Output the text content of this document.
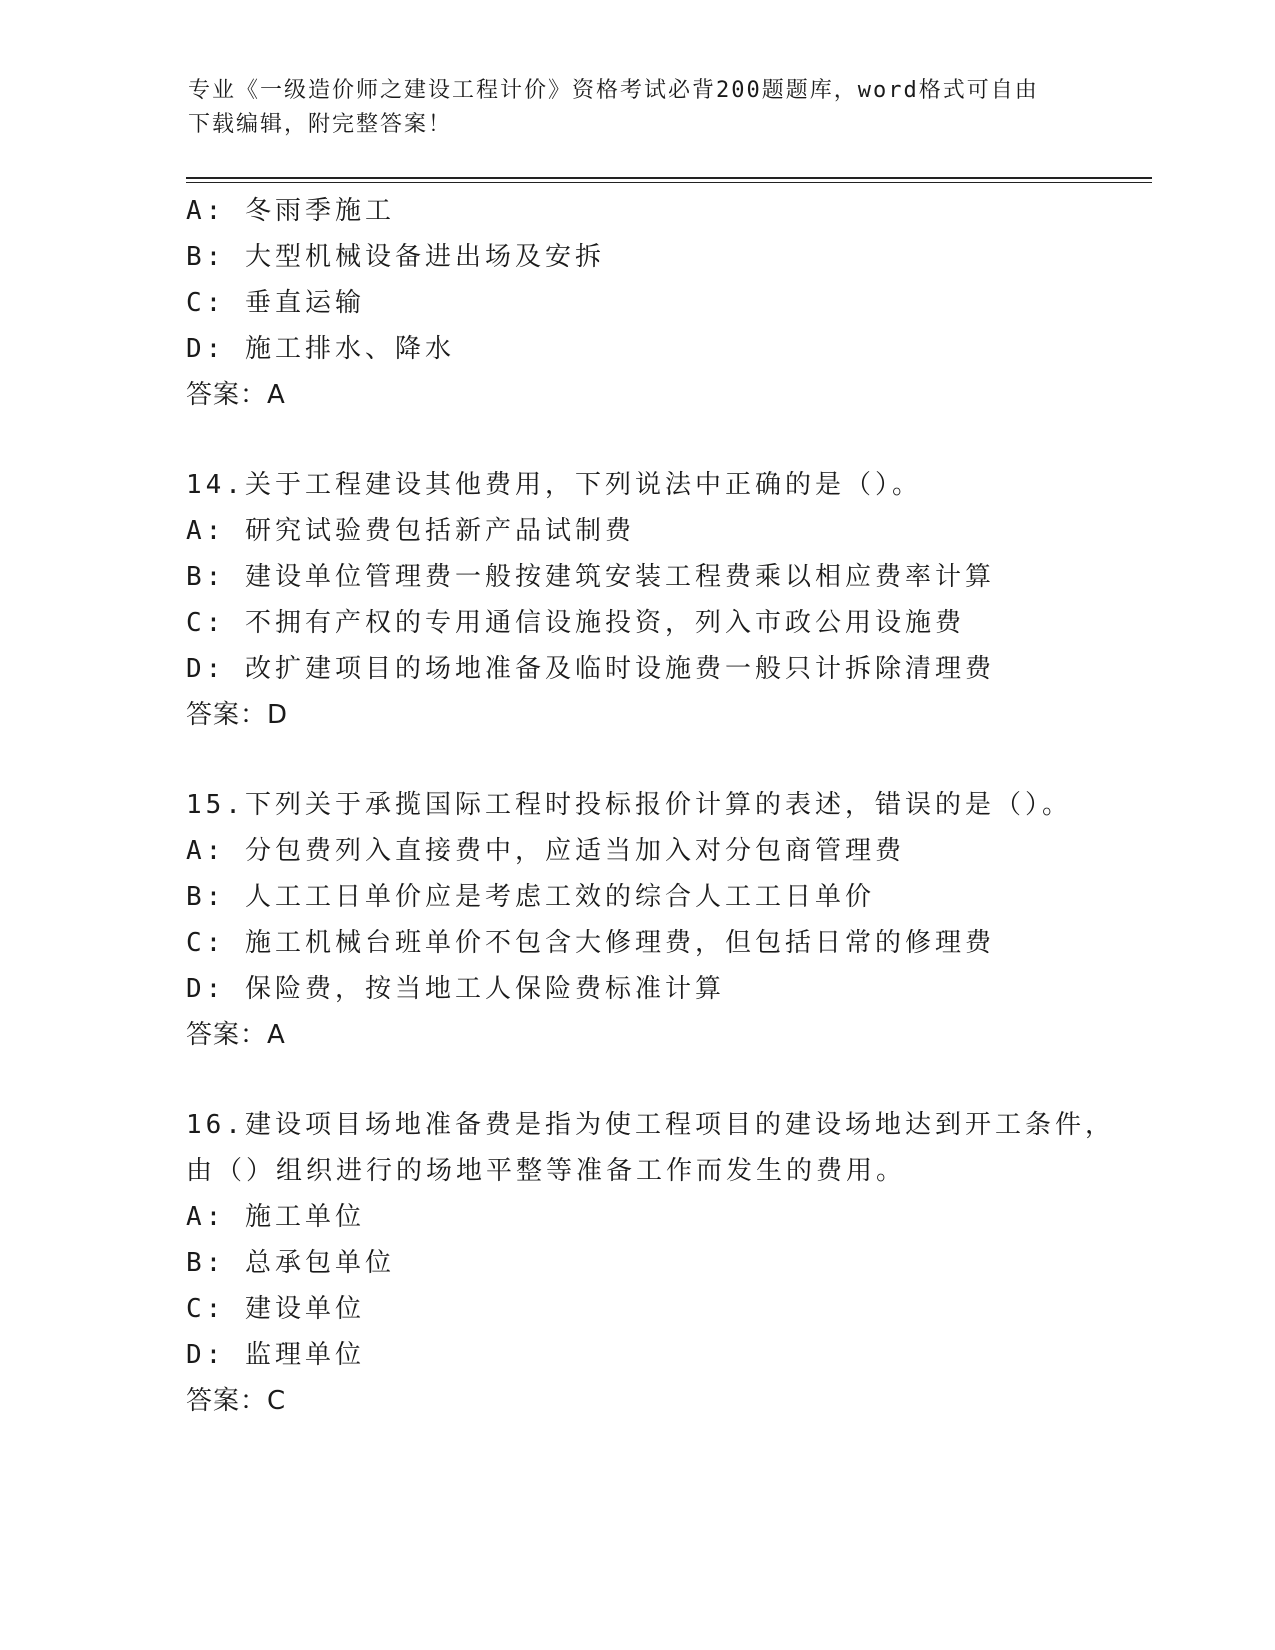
专业《一级造价师之建设工程计价》资格考试必背200题题库，word格式可自由
下载编辑，附完整答案！
A: 冬雨季施工
B: 大型机械设备进出场及安拆
C: 垂直运输
D: 施工排水、降水
答案：A
14.关于工程建设其他费用，下列说法中正确的是（）。
A: 研究试验费包括新产品试制费
B: 建设单位管理费一般按建筑安装工程费乘以相应费率计算
C: 不拥有产权的专用通信设施投资，列入市政公用设施费
D: 改扩建项目的场地准备及临时设施费一般只计拆除清理费
答案：D
15.下列关于承揽国际工程时投标报价计算的表述，错误的是（）。
A: 分包费列入直接费中，应适当加入对分包商管理费
B: 人工工日单价应是考虑工效的综合人工工日单价
C: 施工机械台班单价不包含大修理费，但包括日常的修理费
D: 保险费，按当地工人保险费标准计算
答案：A
16.建设项目场地准备费是指为使工程项目的建设场地达到开工条件，
由（）组织进行的场地平整等准备工作而发生的费用。
A: 施工单位
B: 总承包单位
C: 建设单位
D: 监理单位
答案：C
